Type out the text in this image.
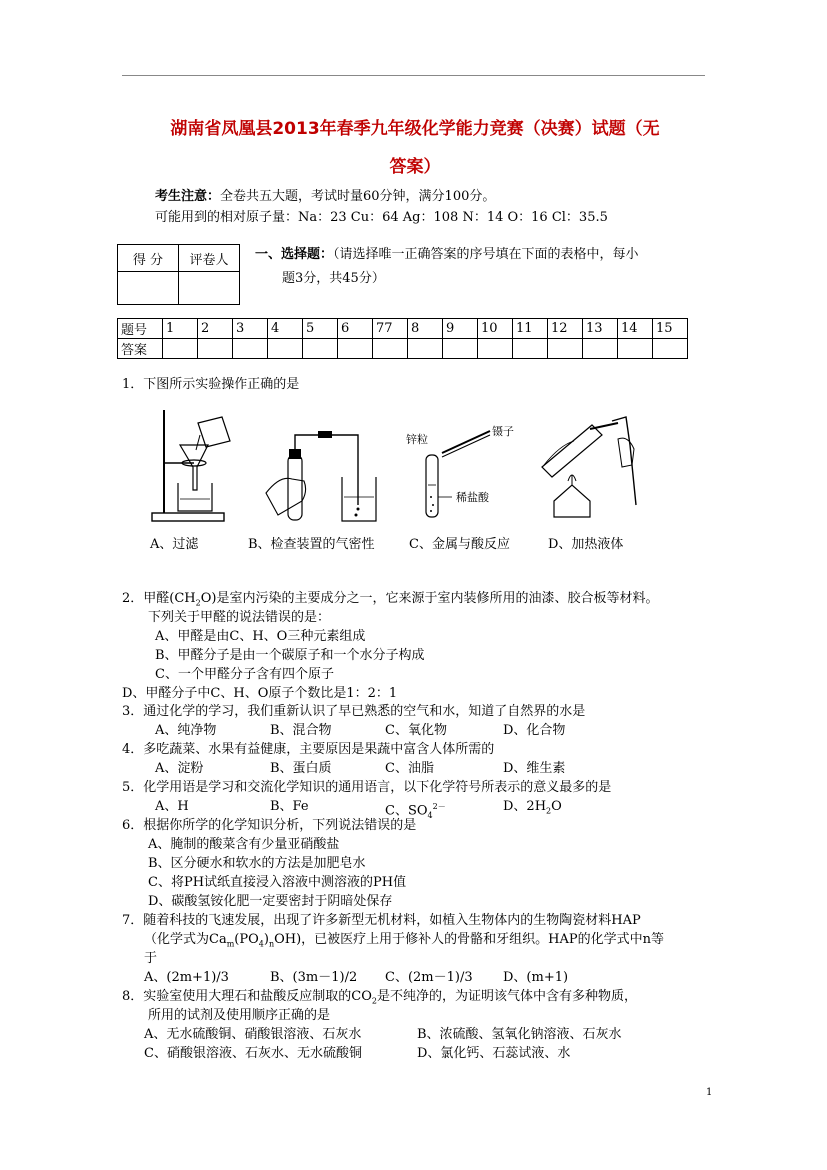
湖南省凤凰县2013年春季九年级化学能力竞赛（决赛）试题（无
答案）
考生注意：全卷共五大题，考试时量60分钟，满分100分。
可能用到的相对原子量：Na：23 Cu：64 Ag：108 N：14 O：16 Cl：35.5
得 分	评卷人
	一、选择题：（请选择唯一正确答案的序号填在下面的表格中，每小
题3分，共45分）
题号	1	2	3	4	5	6	77	8	9	10	11	12	13	14	15
答案															
1．下图所示实验操作正确的是
锌粒
镊子
稀盐酸
A、过滤	B、检查装置的气密性	C、金属与酸反应	D、加热液体
2．甲醛$(CH_2O)$是室内污染的主要成分之一，它来源于室内装修所用的油漆、胶合板等材料。
下列关于甲醛的说法错误的是：
A、甲醛是由C、H、O三种元素组成
B、甲醛分子是由一个碳原子和一个水分子构成
C、一个甲醛分子含有四个原子
D、甲醛分子中C、H、O原子个数比是1：2：1
3．通过化学的学习，我们重新认识了早已熟悉的空气和水，知道了自然界的水是
A、纯净物	B、混合物	C、氧化物	D、化合物
4．多吃蔬菜、水果有益健康，主要原因是果蔬中富含人体所需的
A、淀粉	B、蛋白质	C、油脂	D、维生素
5．化学用语是学习和交流化学知识的通用语言，以下化学符号所表示的意义最多的是
A、H	B、Fe	C、$SO_4^{2-}$	D、$2H_2O$
6．根据你所学的化学知识分析，下列说法错误的是
A、腌制的酸菜含有少量亚硝酸盐
B、区分硬水和软水的方法是加肥皂水
C、将PH试纸直接浸入溶液中测溶液的PH值
D、碳酸氢铵化肥一定要密封于阴暗处保存
7．随着科技的飞速发展，出现了许多新型无机材料，如植入生物体内的生物陶瓷材料HAP
（化学式为$Ca_m(PO_4)_nOH$)，已被医疗上用于修补人的骨骼和牙组织。HAP的化学式中n等
于
A、(2m+1)/3	B、(3m－1)/2 C、(2m－1)/3 D、(m+1)
8．实验室使用大理石和盐酸反应制取的$CO_2$是不纯净的，为证明该气体中含有多种物质，
所用的试剂及使用顺序正确的是
A、无水硫酸铜、硝酸银溶液、石灰水	B、浓硫酸、氢氧化钠溶液、石灰水
C、硝酸银溶液、石灰水、无水硫酸铜	D、氯化钙、石蕊试液、水
1
